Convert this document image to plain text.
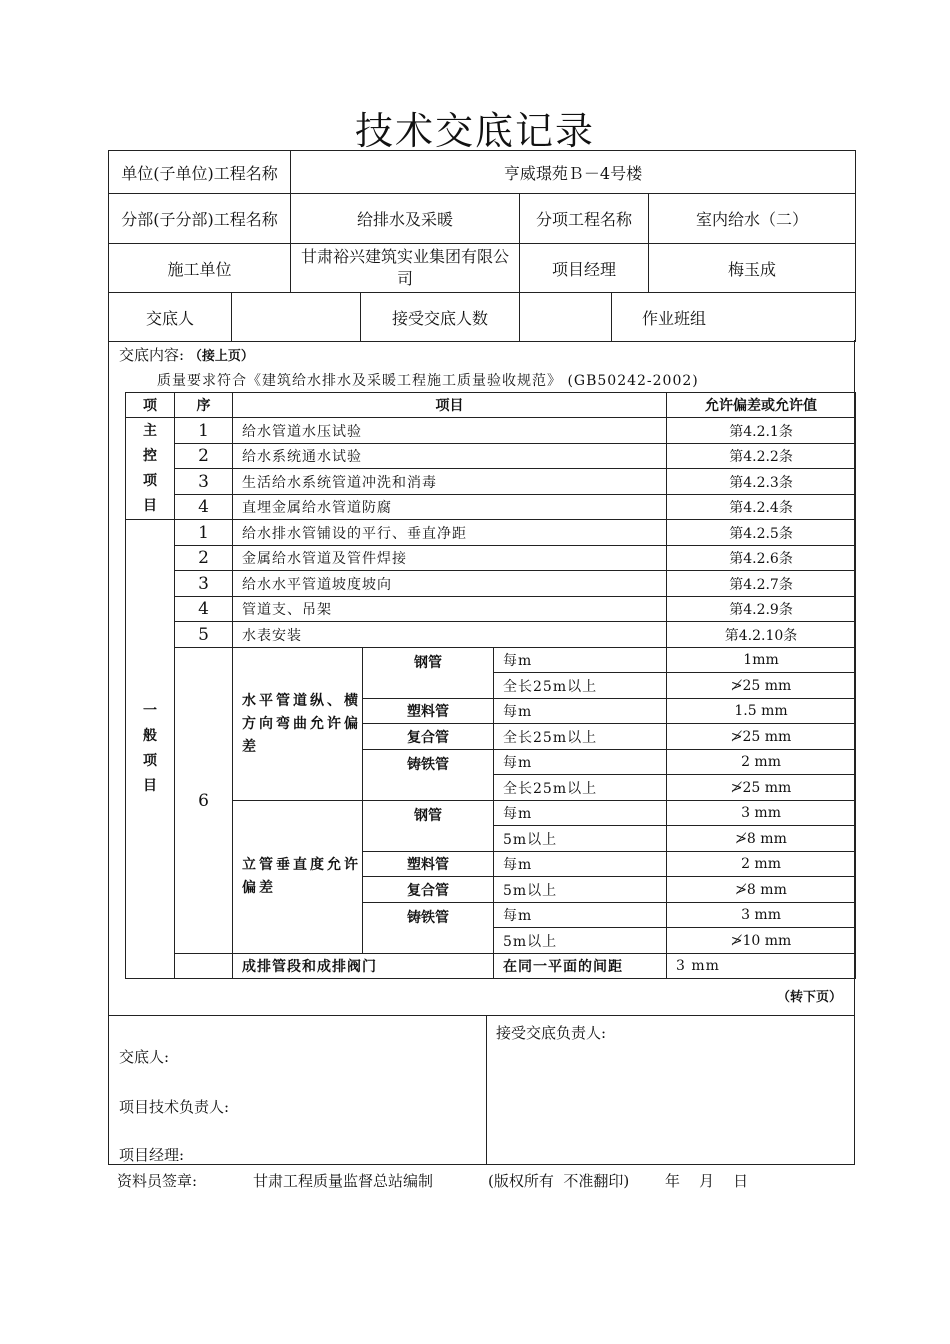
技术交底记录
单位(子单位)工程名称		亨威璟苑Ｂ－4号楼				
分部(子分部)工程名称		给排水及采暖		分项工程名称		室内给水（二）
施工单位		甘肃裕兴建筑实业集团有限公司		项目经理		梅玉成
交底人			接受交底人数		作业班组	
交底内容: （接上页）
质量要求符合《建筑给水排水及采暖工程施工质量验收规范》 (GB50242-2002)
（转下页）
项	序	项目			允许偏差或允许值
主控项目	1	给水管道水压试验			第4.2.1条
	2	给水系统通水试验			第4.2.2条
	3	生活给水系统管道冲洗和消毒			第4.2.3条
	4	直埋金属给水管道防腐			第4.2.4条
一般项目	1	给水排水管铺设的平行、垂直净距			第4.2.5条
	2	金属给水管道及管件焊接			第4.2.6条
	3	给水水平管道坡度坡向			第4.2.7条
	4	管道支、吊架			第4.2.9条
	5	水表安装			第4.2.10条
	6	水平管道纵、横方向弯曲允许偏差	钢管	每m	1mm
				全长25m以上	≯25 mm
			塑料管	每m	1.5 mm
			复合管	全长25m以上	≯25 mm
			铸铁管	每m	2 mm
				全长25m以上	≯25 mm
		立管垂直度允许偏差	钢管	每m	3 mm
				5m以上	≯8 mm
			塑料管	每m	2 mm
			复合管	5m以上	≯8 mm
			铸铁管	每m	3 mm
				5m以上	≯10 mm
		成排管段和成排阀门		在同一平面的间距	3 mm
交底人:
项目技术负责人:
项目经理:
接受交底负责人:
资料员签章:	甘肃工程质量监督总站编制	(版权所有  不准翻印) 年    月    日
